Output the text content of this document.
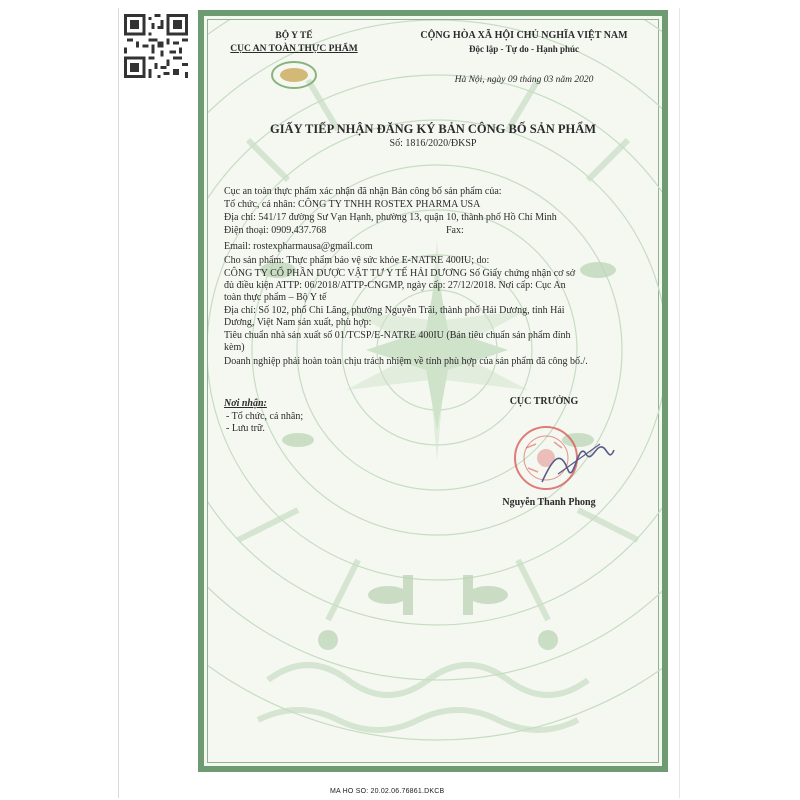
BỘ Y TẾ
CỤC AN TOÀN THỰC PHẨM
CỘNG HÒA XÃ HỘI CHỦ NGHĨA VIỆT NAM
Độc lập - Tự do - Hạnh phúc
Hà Nội, ngày 09 tháng 03 năm 2020
GIẤY TIẾP NHẬN ĐĂNG KÝ BẢN CÔNG BỐ SẢN PHẨM
Số: 1816/2020/ĐKSP
Cục an toàn thực phẩm xác nhận đã nhận Bản công bố sản phẩm của:
Tổ chức, cá nhân: CÔNG TY TNHH ROSTEX PHARMA USA
Địa chỉ: 541/17 đường Sư Vạn Hạnh, phường 13, quận 10, thành phố Hồ Chí Minh
Điện thoại: 0909.437.768	Fax:
Email: rostexpharmausa@gmail.com
Cho sản phẩm: Thực phẩm bảo vệ sức khỏe E-NATRE 400IU; do:
CÔNG TY CỔ PHẦN DƯỢC VẬT TƯ Y TẾ HẢI DƯƠNG Số Giấy chứng nhận cơ sở
đủ điều kiện ATTP: 06/2018/ATTP-CNGMP, ngày cấp: 27/12/2018. Nơi cấp: Cục An
toàn thực phẩm – Bộ Y tế
Địa chỉ: Số 102, phố Chi Lăng, phường Nguyễn Trãi, thành phố Hải Dương, tỉnh Hải
Dương, Việt Nam sản xuất, phù hợp:
Tiêu chuẩn nhà sản xuất số 01/TCSP/E-NATRE 400IU (Bản tiêu chuẩn sản phẩm đính
kèm)
Doanh nghiệp phải hoàn toàn chịu trách nhiệm về tính phù hợp của sản phẩm đã công bố./.
Nơi nhận:
- Tổ chức, cá nhân;
- Lưu trữ.
CỤC TRƯỞNG
Nguyễn Thanh Phong
MA HO SO: 20.02.06.76861.DKCB
